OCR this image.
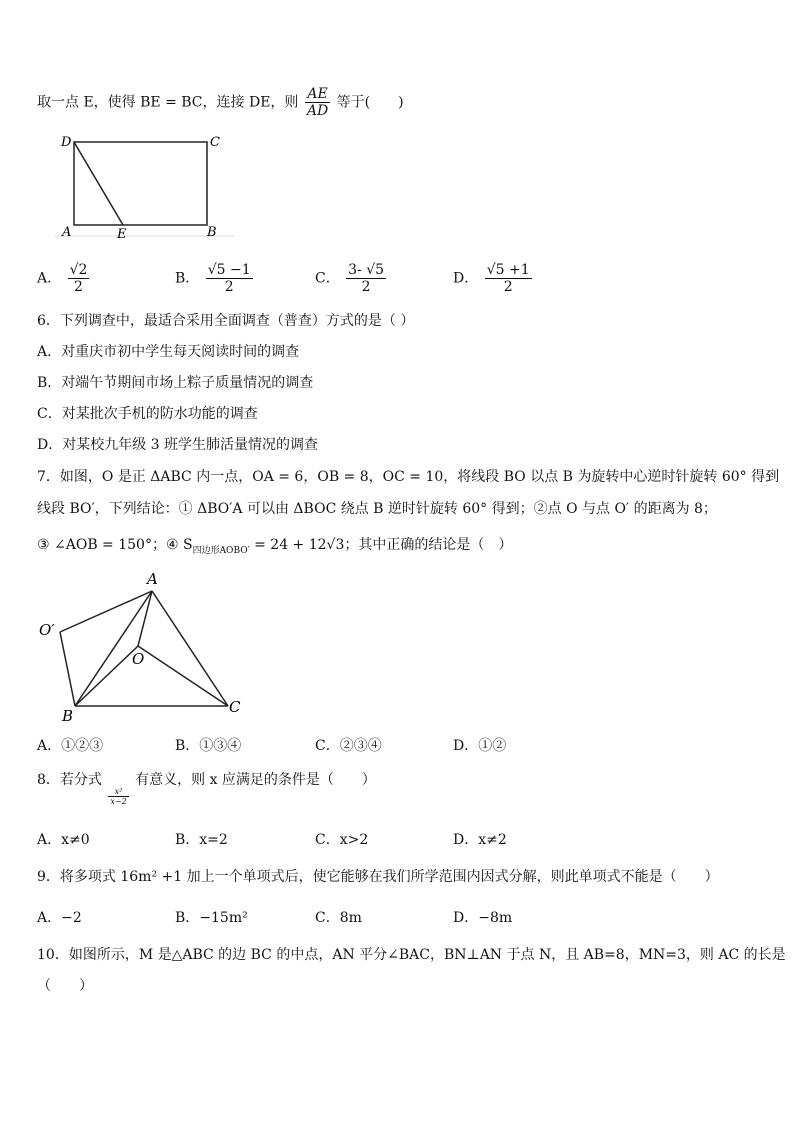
取一点 E，使得 BE = BC，连接 DE，则 $\frac{AE}{AD}$ 等于(　　)
D	C
A	E	B
A． $\frac{√2}{2}$	B． $\frac{√5 -1}{2}$	C． $\frac{3- √5}{2}$	D． $\frac{√5 +1}{2}$
6．下列调查中，最适合采用全面调查（普查）方式的是（ ）
A．对重庆市初中学生每天阅读时间的调查
B．对端午节期间市场上粽子质量情况的调查
C．对某批次手机的防水功能的调查
D．对某校九年级 3 班学生肺活量情况的调查
7．如图，O 是正 ΔABC 内一点，OA = 6，OB = 8，OC = 10，将线段 BO 以点 B 为旋转中心逆时针旋转 60° 得到
线段 BO′，下列结论：① ΔBO′A 可以由 ΔBOC 绕点 B 逆时针旋转 60° 得到；②点 O 与点 O′ 的距离为 8；
③ ∠AOB = 150°；④ $S_{四边形AOBO'} = 24 + 12√3$；其中正确的结论是（　）
A
O′
O
B	C
A．①②③	B．①③④	C．②③④	D．①②
8．若分式
$\frac{\text{x²}}{x-2}$
有意义，则 x 应满足的条件是（　　）
A．x≠0	B．x=2	C．x>2	D．x≠2
9．将多项式 16m² +1 加上一个单项式后，使它能够在我们所学范围内因式分解，则此单项式不能是（　　）
A．−2	B．−15m²	C．8m	D．−8m
10．如图所示，M 是△ABC 的边 BC 的中点，AN 平分∠BAC，BN⊥AN 于点 N，且 AB=8，MN=3，则 AC 的长是
（　　）
